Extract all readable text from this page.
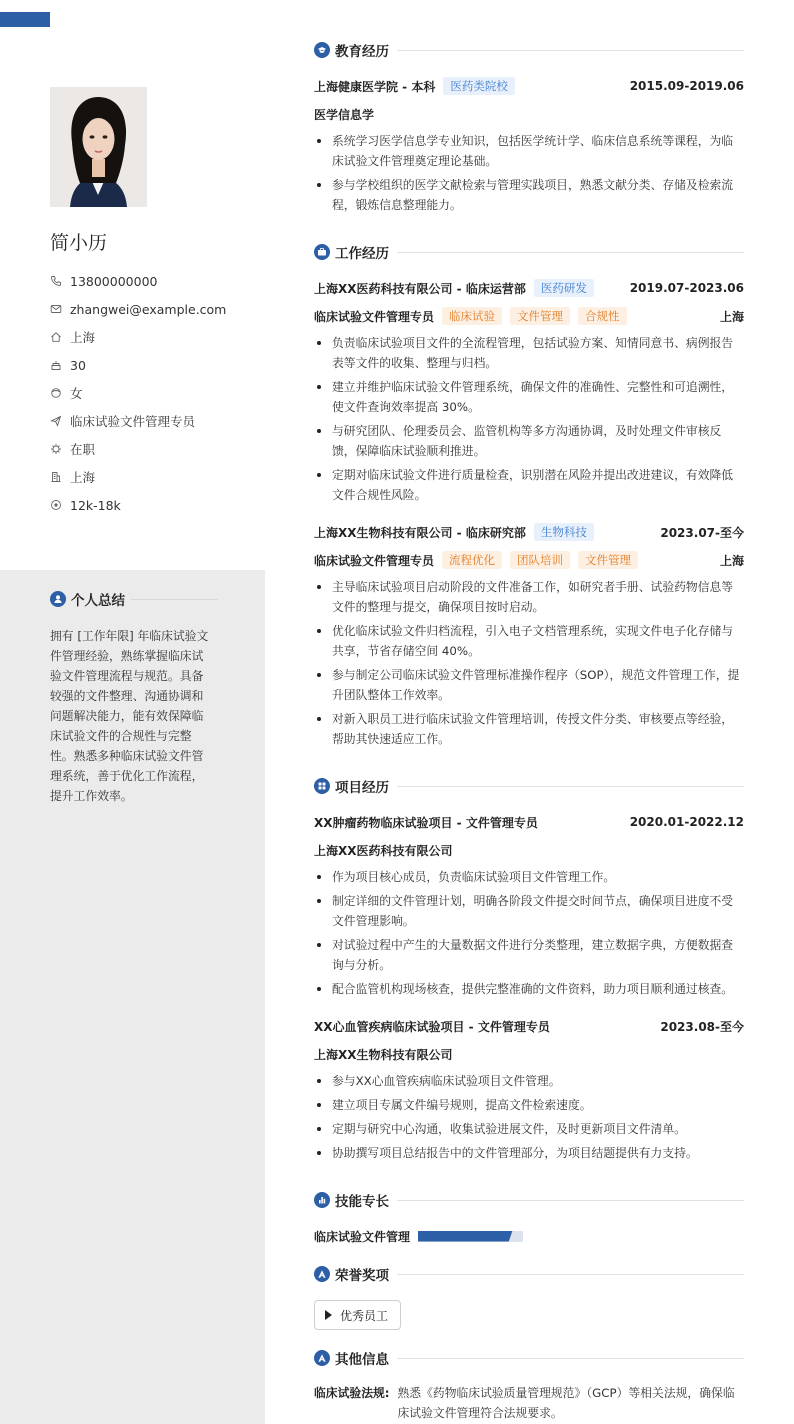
简小历
13800000000
zhangwei@example.com
上海
30
女
临床试验文件管理专员
在职
上海
12k-18k
个人总结
拥有 [工作年限] 年临床试验文件管理经验，熟练掌握临床试验文件管理流程与规范。具备较强的文件整理、沟通协调和问题解决能力，能有效保障临床试验文件的合规性与完整性。熟悉多种临床试验文件管理系统，善于优化工作流程，提升工作效率。
教育经历
上海健康医学院 - 本科	医药类院校	2015.09-2019.06
医学信息学
系统学习医学信息学专业知识，包括医学统计学、临床信息系统等课程，为临床试验文件管理奠定理论基础。
参与学校组织的医学文献检索与管理实践项目，熟悉文献分类、存储及检索流程，锻炼信息整理能力。
工作经历
上海XX医药科技有限公司 - 临床运营部	医药研发	2019.07-2023.06
临床试验文件管理专员	临床试验	文件管理	合规性	上海
负责临床试验项目文件的全流程管理，包括试验方案、知情同意书、病例报告表等文件的收集、整理与归档。
建立并维护临床试验文件管理系统，确保文件的准确性、完整性和可追溯性，使文件查询效率提高 30%。
与研究团队、伦理委员会、监管机构等多方沟通协调，及时处理文件审核反馈，保障临床试验顺利推进。
定期对临床试验文件进行质量检查，识别潜在风险并提出改进建议，有效降低文件合规性风险。
上海XX生物科技有限公司 - 临床研究部	生物科技	2023.07-至今
临床试验文件管理专员	流程优化	团队培训	文件管理	上海
主导临床试验项目启动阶段的文件准备工作，如研究者手册、试验药物信息等文件的整理与提交，确保项目按时启动。
优化临床试验文件归档流程，引入电子文档管理系统，实现文件电子化存储与共享，节省存储空间 40%。
参与制定公司临床试验文件管理标准操作程序（SOP），规范文件管理工作，提升团队整体工作效率。
对新入职员工进行临床试验文件管理培训，传授文件分类、审核要点等经验，帮助其快速适应工作。
项目经历
XX肿瘤药物临床试验项目 - 文件管理专员	2020.01-2022.12
上海XX医药科技有限公司
作为项目核心成员，负责临床试验项目文件管理工作。
制定详细的文件管理计划，明确各阶段文件提交时间节点，确保项目进度不受文件管理影响。
对试验过程中产生的大量数据文件进行分类整理，建立数据字典，方便数据查询与分析。
配合监管机构现场核查，提供完整准确的文件资料，助力项目顺利通过核查。
XX心血管疾病临床试验项目 - 文件管理专员	2023.08-至今
上海XX生物科技有限公司
参与XX心血管疾病临床试验项目文件管理。
建立项目专属文件编号规则，提高文件检索速度。
定期与研究中心沟通，收集试验进展文件，及时更新项目文件清单。
协助撰写项目总结报告中的文件管理部分，为项目结题提供有力支持。
技能专长
临床试验文件管理
荣誉奖项
优秀员工
其他信息
临床试验法规: 熟悉《药物临床试验质量管理规范》（GCP）等相关法规，确保临床试验文件管理符合法规要求。
